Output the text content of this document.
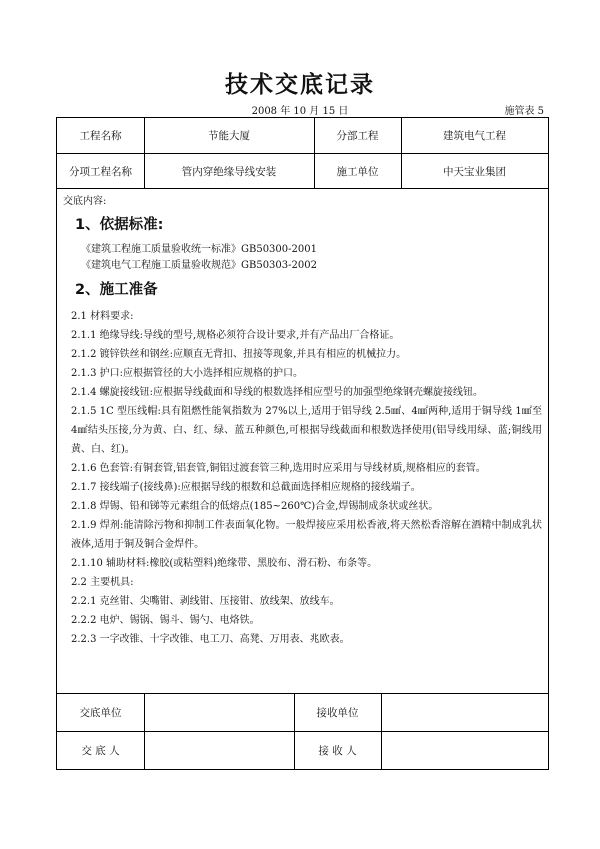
技术交底记录
2008 年 10 月 15 日	施管表 5
工程名称	节能大厦	分部工程	建筑电气工程
分项工程名称	管内穿绝缘导线安装	施工单位	中天宝业集团
交底内容:
1、依据标准:
《建筑工程施工质量验收统一标准》GB50300-2001
《建筑电气工程施工质量验收规范》GB50303-2002
2、施工准备
2.1 材料要求:
2.1.1 绝缘导线:导线的型号,规格必须符合设计要求,并有产品出厂合格证。
2.1.2 镀锌铁丝和钢丝:应顺直无背扣、扭接等现象,并具有相应的机械拉力。
2.1.3 护口:应根据管径的大小选择相应规格的护口。
2.1.4 螺旋接线钮:应根据导线截面和导线的根数选择相应型号的加强型绝缘钢壳螺旋接线钮。
2.1.5 1C 型压线帽:具有阻燃性能氧指数为 27%以上,适用于铝导线 2.5㎟、4㎟两种,适用于铜导线 1㎟至 4㎟结头压接,分为黄、白、红、绿、蓝五种颜色,可根据导线截面和根数选择使用(铝导线用绿、蓝;铜线用黄、白、红)。
2.1.6 色套管:有铜套管,铝套管,铜铝过渡套管三种,选用时应采用与导线材质,规格相应的套管。
2.1.7 接线端子(接线鼻):应根据导线的根数和总截面选择相应规格的接线端子。
2.1.8 焊锡、铅和锑等元素组合的低熔点(185~260℃)合金,焊锡制成条状或丝状。
2.1.9 焊剂:能清除污物和抑制工件表面氧化物。一般焊接应采用松香液,将天然松香溶解在酒精中制成乳状液体,适用于铜及铜合金焊件。
2.1.10 辅助材料:橡胶(或粘塑料)绝缘带、黑胶布、滑石粉、布条等。
2.2 主要机具:
2.2.1 克丝钳、尖嘴钳、剥线钳、压接钳、放线架、放线车。
2.2.2 电炉、锡锅、锡斗、锡勺、电烙铁。
2.2.3 一字改锥、十字改锥、电工刀、高凳、万用表、兆欧表。
交底单位	接收单位
交 底 人	接 收 人
